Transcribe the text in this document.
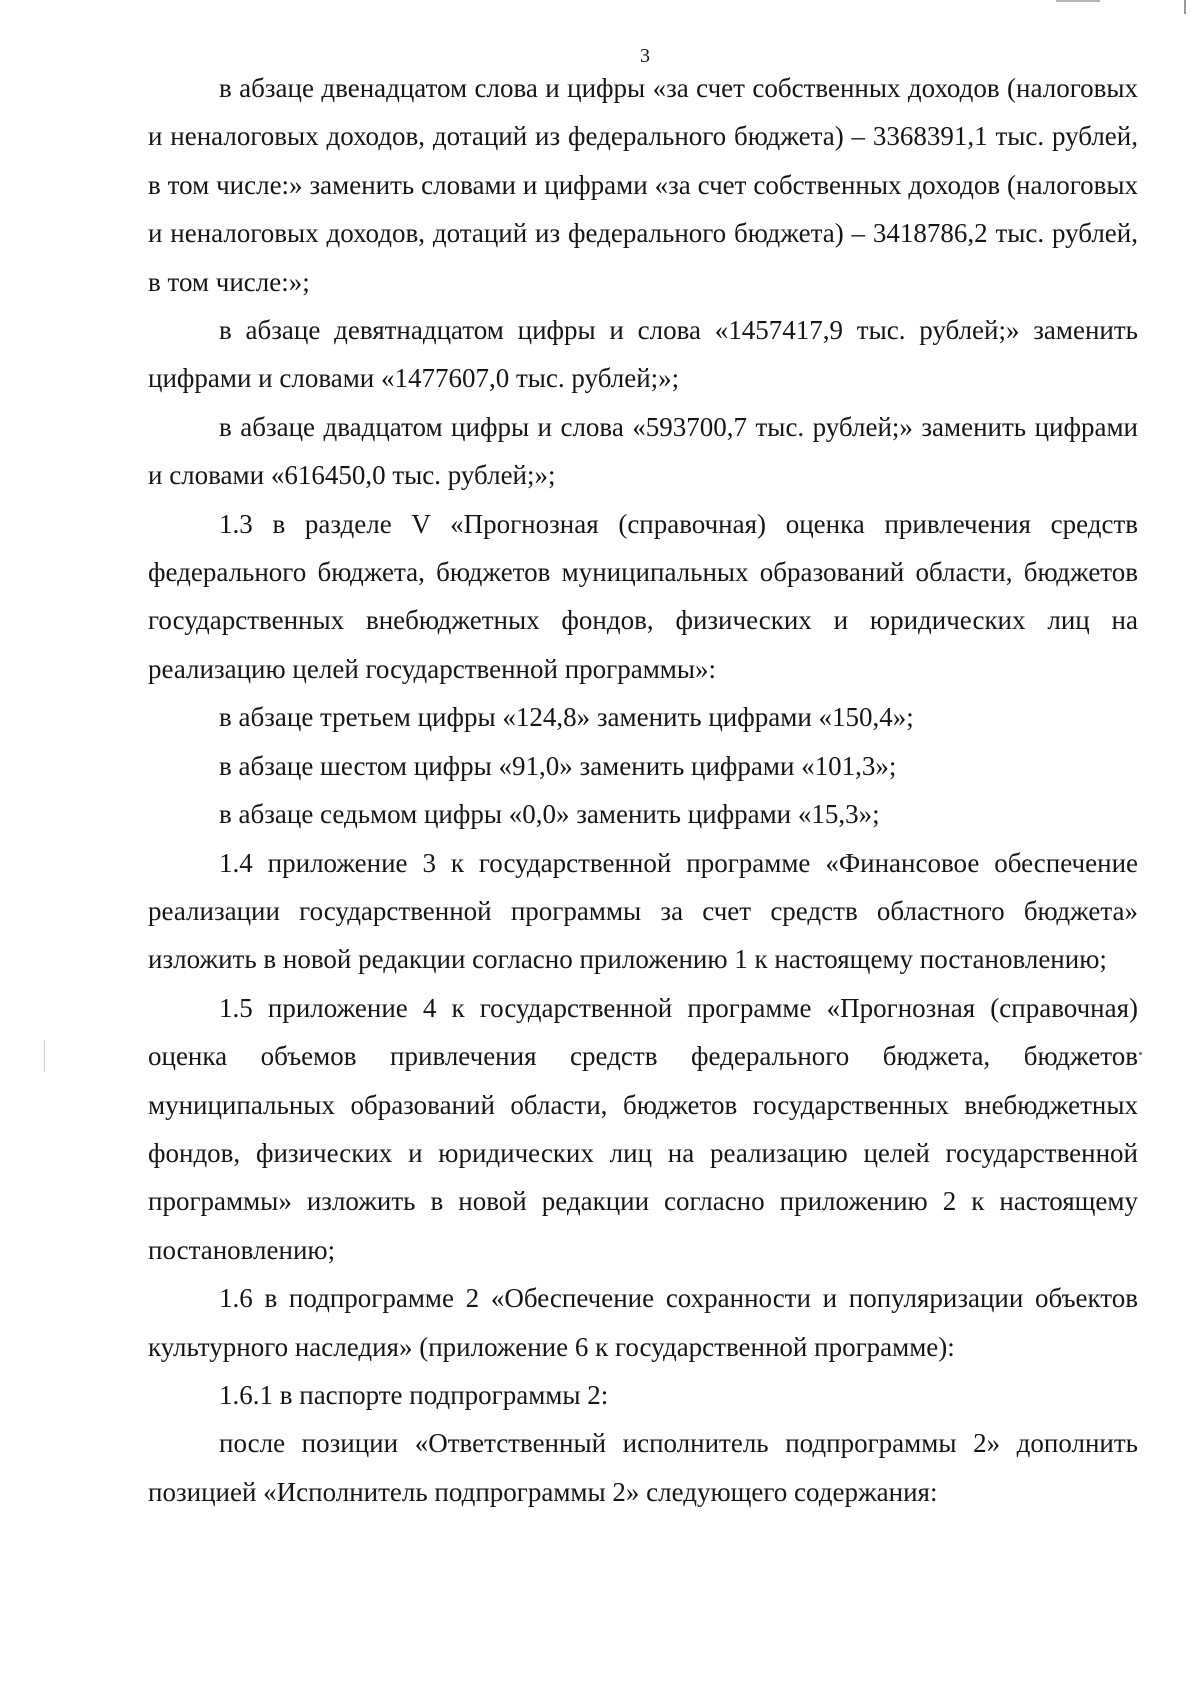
3

в абзаце двенадцатом слова и цифры «за счет собственных доходов (налоговых и неналоговых доходов, дотаций из федерального бюджета) – 3368391,1 тыс. рублей, в том числе:» заменить словами и цифрами «за счет собственных доходов (налоговых и неналоговых доходов, дотаций из федерального бюджета) – 3418786,2 тыс. рублей, в том числе:»;

в абзаце девятнадцатом цифры и слова «1457417,9 тыс. рублей;» заменить цифрами и словами «1477607,0 тыс. рублей;»;

в абзаце двадцатом цифры и слова «593700,7 тыс. рублей;» заменить цифрами и словами «616450,0 тыс. рублей;»;

1.3 в разделе V «Прогнозная (справочная) оценка привлечения средств федерального бюджета, бюджетов муниципальных образований области, бюджетов государственных внебюджетных фондов, физических и юридических лиц на реализацию целей государственной программы»:

в абзаце третьем цифры «124,8» заменить цифрами «150,4»;

в абзаце шестом цифры «91,0» заменить цифрами «101,3»;

в абзаце седьмом цифры «0,0» заменить цифрами «15,3»;

1.4 приложение 3 к государственной программе «Финансовое обеспечение реализации государственной программы за счет средств областного бюджета» изложить в новой редакции согласно приложению 1 к настоящему постановлению;

1.5 приложение 4 к государственной программе «Прогнозная (справочная) оценка объемов привлечения средств федерального бюджета, бюджетов муниципальных образований области, бюджетов государственных внебюджетных фондов, физических и юридических лиц на реализацию целей государственной программы» изложить в новой редакции согласно приложению 2 к настоящему постановлению;

1.6 в подпрограмме 2 «Обеспечение сохранности и популяризации объектов культурного наследия» (приложение 6 к государственной программе):

1.6.1 в паспорте подпрограммы 2:

после позиции «Ответственный исполнитель подпрограммы 2» дополнить позицией «Исполнитель подпрограммы 2» следующего содержания:
